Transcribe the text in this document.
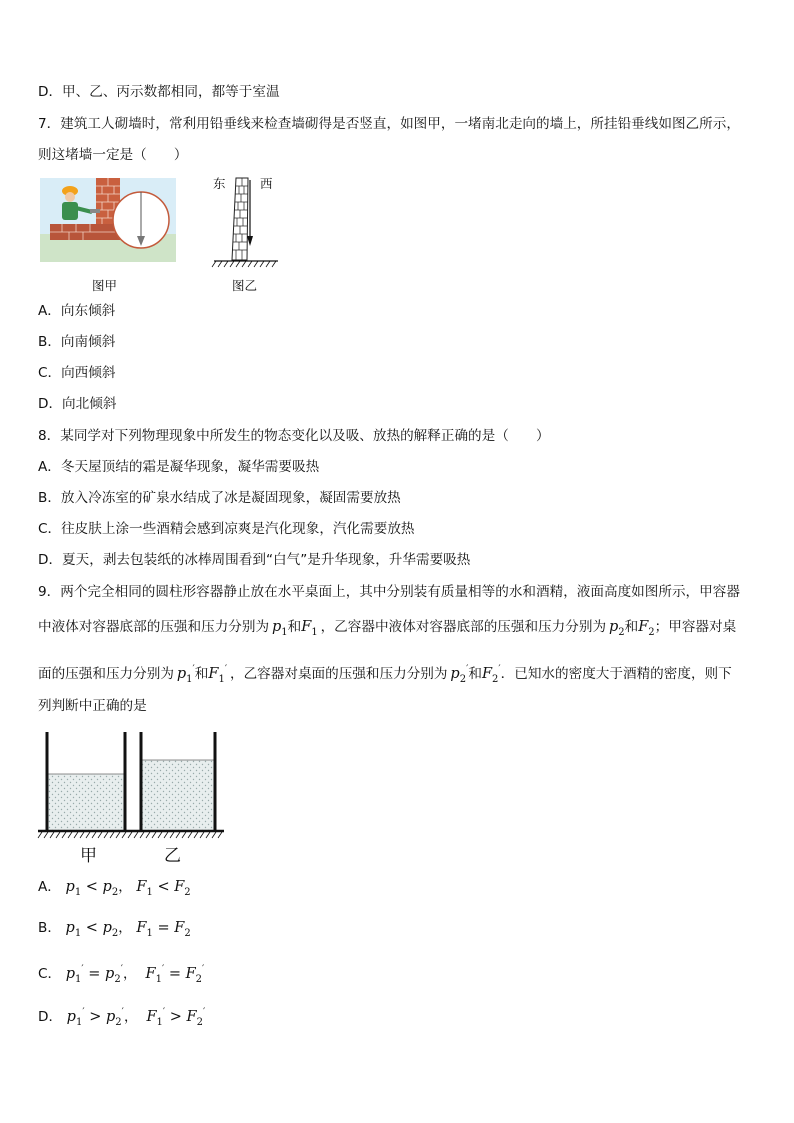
D．甲、乙、丙示数都相同，都等于室温
7．建筑工人砌墙时，常利用铅垂线来检查墙砌得是否竖直，如图甲，一堵南北走向的墙上，所挂铅垂线如图乙所示，
则这堵墙一定是（　　）
图甲
东	西
图乙
A．向东倾斜
B．向南倾斜
C．向西倾斜
D．向北倾斜
8．某同学对下列物理现象中所发生的物态变化以及吸、放热的解释正确的是（　　）
A．冬天屋顶结的霜是凝华现象，凝华需要吸热
B．放入冷冻室的矿泉水结成了冰是凝固现象，凝固需要放热
C．往皮肤上涂一些酒精会感到凉爽是汽化现象，汽化需要放热
D．夏天，剥去包装纸的冰棒周围看到“白气”是升华现象，升华需要吸热
9．两个完全相同的圆柱形容器静止放在水平桌面上，其中分别装有质量相等的水和酒精，液面高度如图所示，甲容器
中液体对容器底部的压强和压力分别为 $p_1$和$F_1$  ，乙容器中液体对容器底部的压强和压力分别为 $p_2$和$F_2$；甲容器对桌
面的压强和压力分别为 $p_1'$和$F_1'$  ，乙容器对桌面的压强和压力分别为 $p_2'$和$F_2'$．已知水的密度大于酒精的密度，则下
列判断中正确的是
甲	乙
A． $p_1 < p_2$， $F_1 < F_2$
B． $p_1 < p_2$， $F_1 = F_2$
C． $p_1' = p_2'$，  $F_1' = F_2'$
D． $p_1' > p_2'$，  $F_1' > F_2'$
